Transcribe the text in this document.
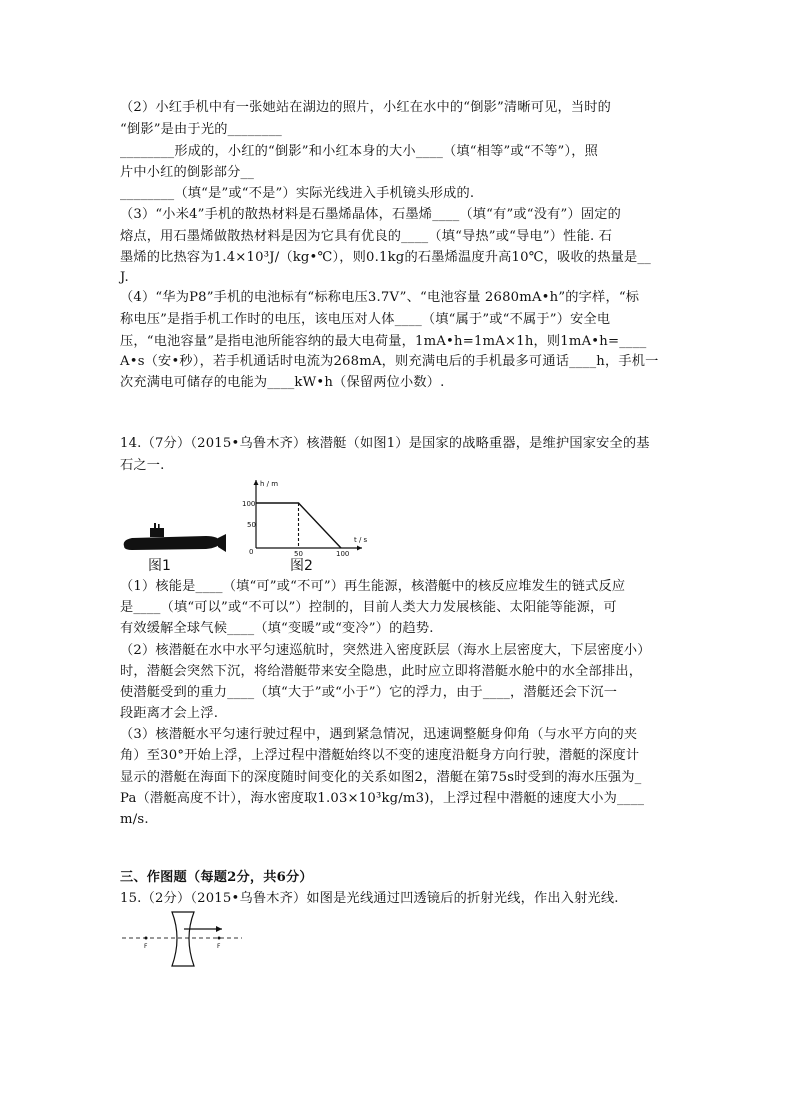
（2）小红手机中有一张她站在湖边的照片，小红在水中的“倒影”清晰可见，当时的
“倒影”是由于光的________
________形成的，小红的“倒影”和小红本身的大小____（填“相等”或“不等”），照
片中小红的倒影部分__
________（填“是”或“不是”）实际光线进入手机镜头形成的.
（3）“小米4”手机的散热材料是石墨烯晶体，石墨烯____（填“有”或“没有”）固定的
熔点，用石墨烯做散热材料是因为它具有优良的____（填“导热”或“导电”）性能. 石
墨烯的比热容为1.4×10³J/（kg•℃），则0.1kg的石墨烯温度升高10℃，吸收的热量是__
J.
（4）“华为P8”手机的电池标有“标称电压3.7V”、“电池容量 2680mA•h”的字样，“标
称电压”是指手机工作时的电压，该电压对人体____（填“属于”或“不属于”）安全电
压，“电池容量”是指电池所能容纳的最大电荷量，1mA•h=1mA×1h，则1mA•h=____
A•s（安•秒），若手机通话时电流为268mA，则充满电后的手机最多可通话____h，手机一
次充满电可储存的电能为____kW•h（保留两位小数）.
14.（7分）（2015•乌鲁木齐）核潜艇（如图1）是国家的战略重器，是维护国家安全的基
石之一.
图1
h / m
t / s
0
100
50
50	100
图2
（1）核能是____（填“可”或“不可”）再生能源，核潜艇中的核反应堆发生的链式反应
是____（填“可以”或“不可以”）控制的，目前人类大力发展核能、太阳能等能源，可
有效缓解全球气候____（填“变暖”或“变冷”）的趋势.
（2）核潜艇在水中水平匀速巡航时，突然进入密度跃层（海水上层密度大，下层密度小）
时，潜艇会突然下沉，将给潜艇带来安全隐患，此时应立即将潜艇水舱中的水全部排出，
使潜艇受到的重力____（填“大于”或“小于”）它的浮力，由于____，潜艇还会下沉一
段距离才会上浮.
（3）核潜艇水平匀速行驶过程中，遇到紧急情况，迅速调整艇身仰角（与水平方向的夹
角）至30°开始上浮，上浮过程中潜艇始终以不变的速度沿艇身方向行驶，潜艇的深度计
显示的潜艇在海面下的深度随时间变化的关系如图2，潜艇在第75s时受到的海水压强为_
Pa（潜艇高度不计），海水密度取1.03×10³kg/m3)，上浮过程中潜艇的速度大小为____
m/s.
三、作图题（每题2分，共6分）
15.（2分）（2015•乌鲁木齐）如图是光线通过凹透镜后的折射光线，作出入射光线.
F	F
